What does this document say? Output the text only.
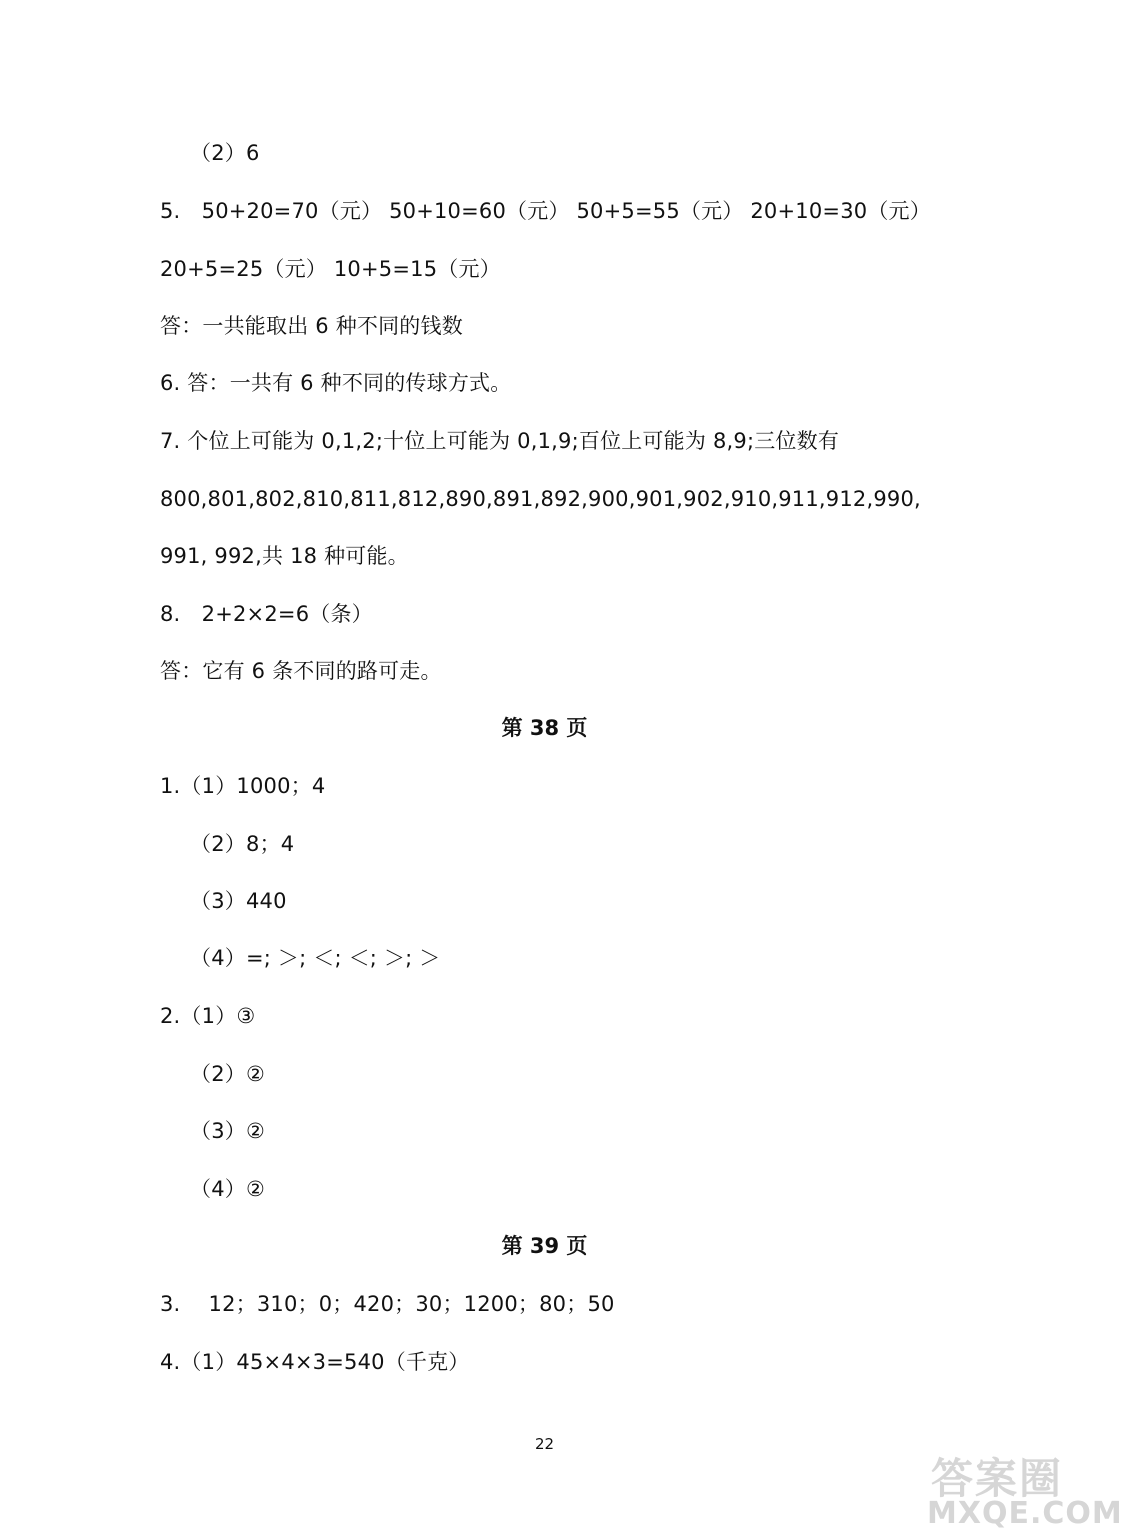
（2）6
5.　50+20=70（元） 50+10=60（元） 50+5=55（元） 20+10=30（元）
20+5=25（元） 10+5=15（元）
答：一共能取出 6 种不同的钱数
6. 答：一共有 6 种不同的传球方式。
7. 个位上可能为 0,1,2;十位上可能为 0,1,9;百位上可能为 8,9;三位数有
800,801,802,810,811,812,890,891,892,900,901,902,910,911,912,990,
991, 992,共 18 种可能。
8.　2+2×2=6（条）
答：它有 6 条不同的路可走。
第 38 页
1.（1）1000；4
（2）8；4
（3）440
（4）=; ＞; ＜; ＜; ＞; ＞
2.（1）③
（2）②
（3）②
（4）②
第 39 页
3.　 12；310；0；420；30；1200；80；50
4.（1）45×4×3=540（千克）
22
答案圈
MXQE.COM
